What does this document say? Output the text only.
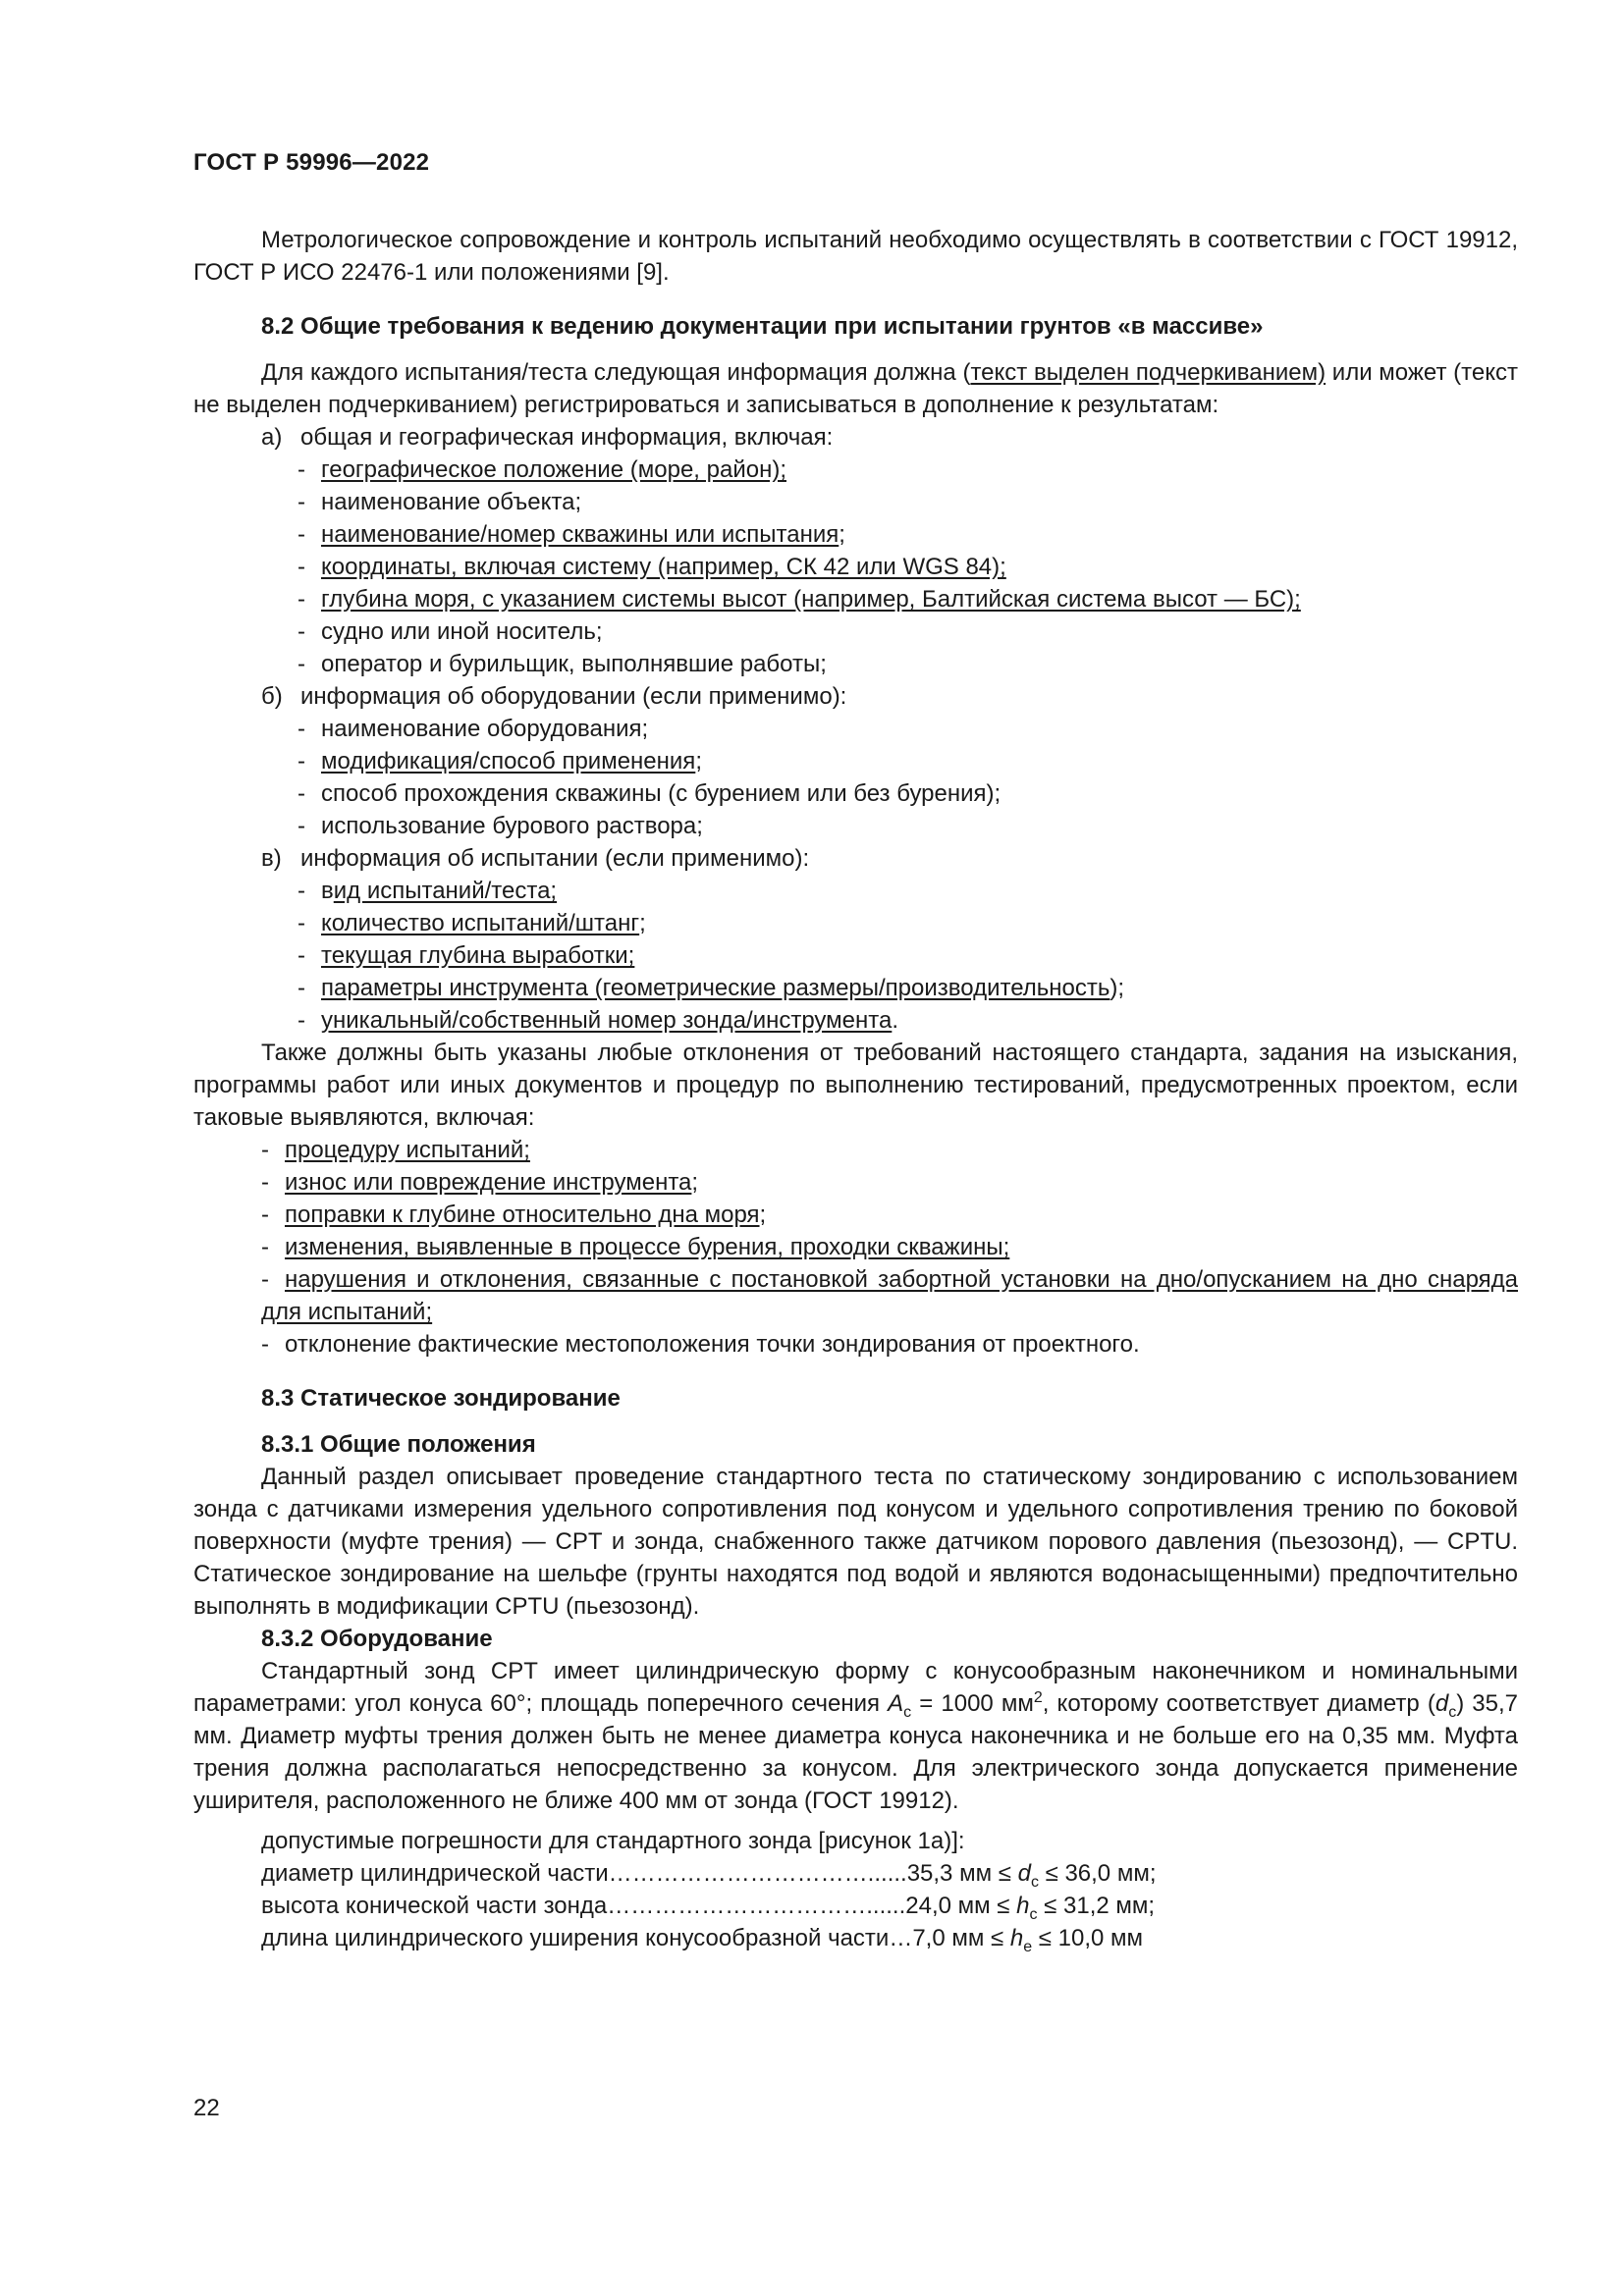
ГОСТ Р 59996—2022

Метрологическое сопровождение и контроль испытаний необходимо осуществлять в соответствии с ГОСТ 19912, ГОСТ Р ИСО 22476-1 или положениями [9].

8.2 Общие требования к ведению документации при испытании грунтов «в массиве»

Для каждого испытания/теста следующая информация должна (текст выделен подчеркиванием) или может (текст не выделен подчеркиванием) регистрироваться и записываться в дополнение к результатам:

а) общая и географическая информация, включая:

- географическое положение (море, район);
- наименование объекта;
- наименование/номер скважины или испытания;
- координаты, включая систему (например, СК 42 или WGS 84);
- глубина моря, с указанием системы высот (например, Балтийская система высот — БС);
- судно или иной носитель;
- оператор и бурильщик, выполнявшие работы;

б) информация об оборудовании (если применимо):

- наименование оборудования;
- модификация/способ применения;
- способ прохождения скважины (с бурением или без бурения);
- использование бурового раствора;

в) информация об испытании (если применимо):

- вид испытаний/теста;
- количество испытаний/штанг;
- текущая глубина выработки;
- параметры инструмента (геометрические размеры/производительность);
- уникальный/собственный номер зонда/инструмента.

Также должны быть указаны любые отклонения от требований настоящего стандарта, задания на изыскания, программы работ или иных документов и процедур по выполнению тестирований, предусмотренных проектом, если таковые выявляются, включая:

- процедуру испытаний;
- износ или повреждение инструмента;
- поправки к глубине относительно дна моря;
- изменения, выявленные в процессе бурения, проходки скважины;
- нарушения и отклонения, связанные с постановкой забортной установки на дно/опусканием на дно снаряда для испытаний;
- отклонение фактические местоположения точки зондирования от проектного.

8.3 Статическое зондирование

8.3.1 Общие положения

Данный раздел описывает проведение стандартного теста по статическому зондированию с использованием зонда с датчиками измерения удельного сопротивления под конусом и удельного сопротивления трению по боковой поверхности (муфте трения) — CPT и зонда, снабженного также датчиком порового давления (пьезозонд), — CPTU. Статическое зондирование на шельфе (грунты находятся под водой и являются водонасыщенными) предпочтительно выполнять в модификации CPTU (пьезозонд).

8.3.2 Оборудование

Стандартный зонд CPT имеет цилиндрическую форму с конусообразным наконечником и номинальными параметрами: угол конуса 60°; площадь поперечного сечения $A_c = 1000$ $мм^2$, которому соответствует диаметр $(d_c)$ 35,7 мм. Диаметр муфты трения должен быть не менее диаметра конуса наконечника и не больше его на 0,35 мм. Муфта трения должна располагаться непосредственно за конусом. Для электрического зонда допускается применение уширителя, расположенного не ближе 400 мм от зонда (ГОСТ 19912).

допустимые погрешности для стандартного зонда [рисунок 1а)]:

диаметр цилиндрической части……………………………......35,3 мм ≤ $d_c \le 36,0$ мм;

высота конической части зонда……………………………......24,0 мм ≤ $h_c \le 31,2$ мм;

длина цилиндрического уширения конусообразной части…7,0 мм ≤ $h_e \le 10,0$ мм

22
